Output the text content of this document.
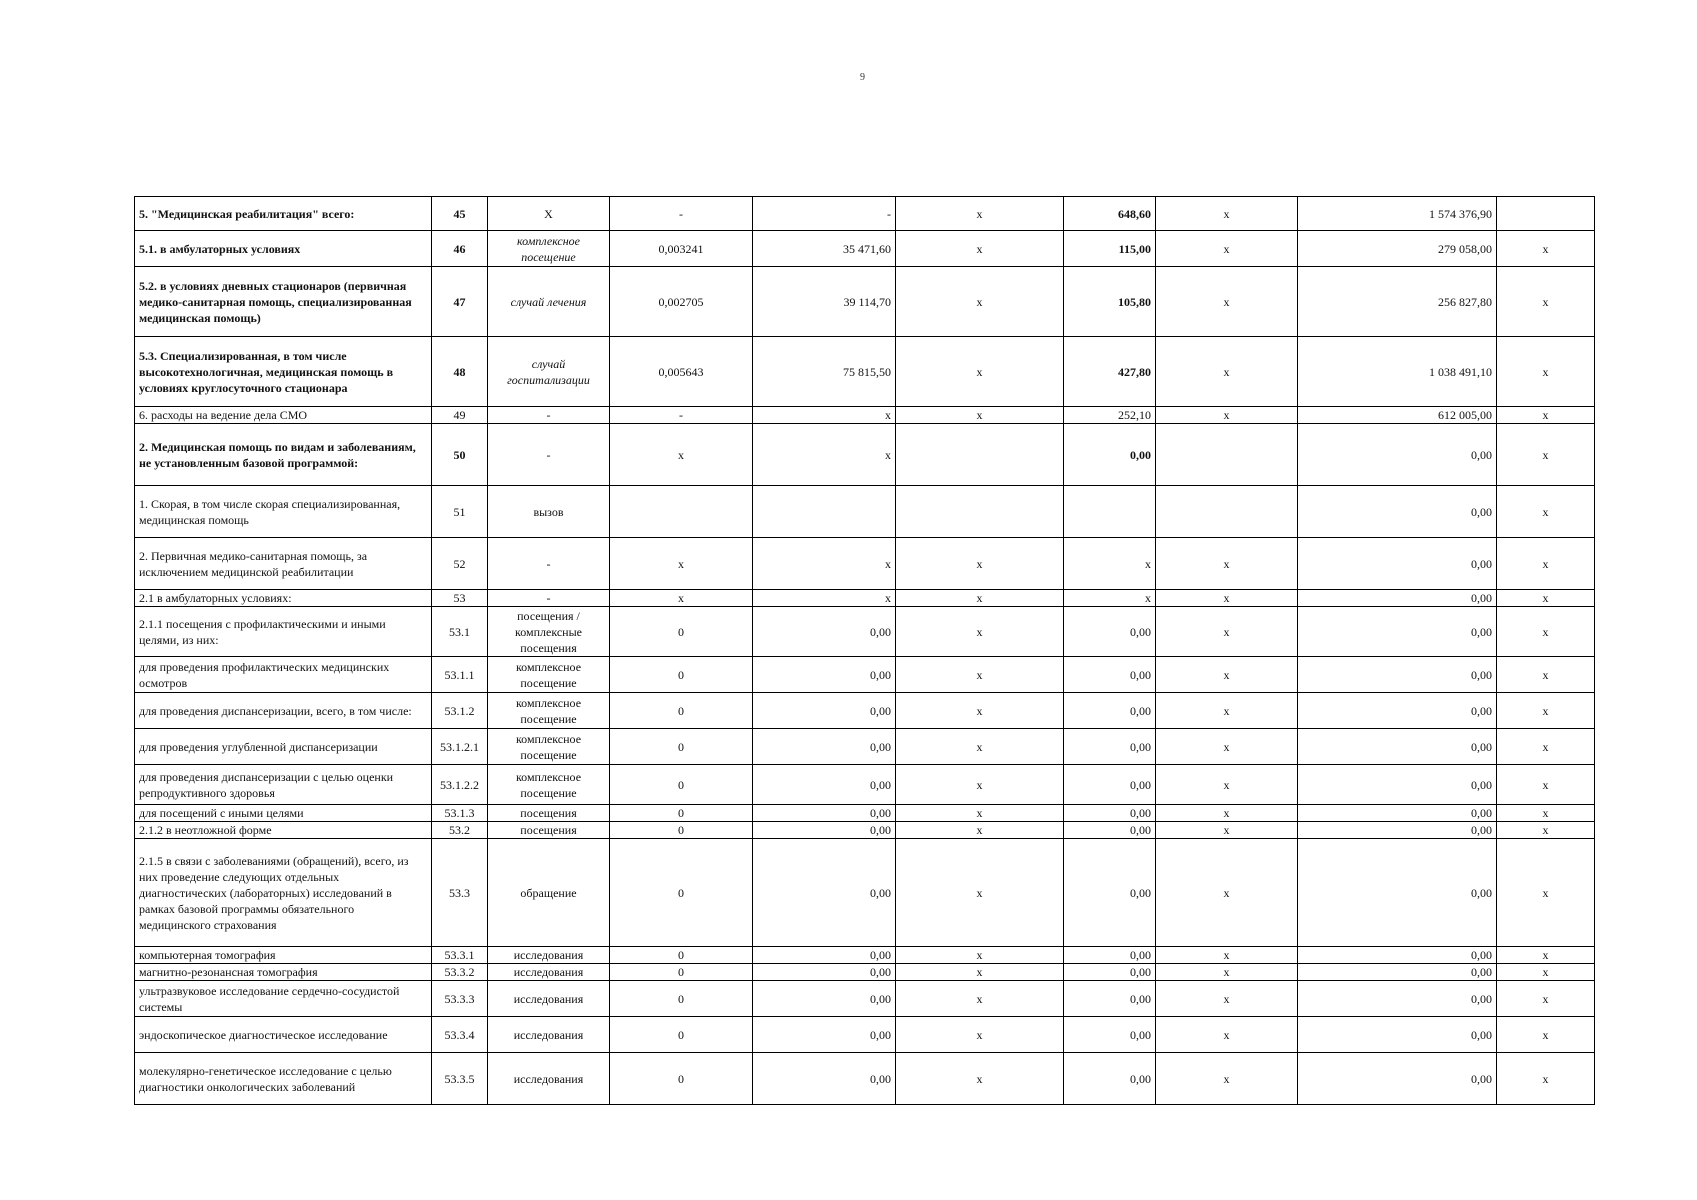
9
5. "Медицинская реабилитация" всего:	45	X	-	-	x	648,60	x	1 574 376,90	
5.1. в амбулаторных условиях	46	комплексное посещение	0,003241	35 471,60	x	115,00	x	279 058,00	x
5.2. в условиях дневных стационаров (первичная медико-санитарная помощь, специализированная медицинская помощь)	47	случай лечения	0,002705	39 114,70	x	105,80	x	256 827,80	x
5.3. Специализированная, в том числе высокотехнологичная, медицинская помощь в условиях круглосуточного стационара	48	случай госпитализации	0,005643	75 815,50	x	427,80	x	1 038 491,10	x
6. расходы на ведение дела СМО	49	-	-	x	x	252,10	x	612 005,00	x
2. Медицинская помощь по видам и заболеваниям, не установленным базовой программой:	50	-	x	x		0,00		0,00	x
1. Скорая, в том числе скорая специализированная, медицинская помощь	51	вызов						0,00	x
2. Первичная медико-санитарная помощь, за исключением медицинской реабилитации	52	-	x	x	x	x	x	0,00	x
2.1 в амбулаторных условиях:	53	-	x	x	x	x	x	0,00	x
2.1.1 посещения с профилактическими и иными целями, из них:	53.1	посещения / комплексные посещения	0	0,00	x	0,00	x	0,00	x
для проведения профилактических медицинских осмотров	53.1.1	комплексное посещение	0	0,00	x	0,00	x	0,00	x
для проведения диспансеризации, всего, в том числе:	53.1.2	комплексное посещение	0	0,00	x	0,00	x	0,00	x
для проведения углубленной диспансеризации	53.1.2.1	комплексное посещение	0	0,00	x	0,00	x	0,00	x
для проведения диспансеризации с целью оценки репродуктивного здоровья	53.1.2.2	комплексное посещение	0	0,00	x	0,00	x	0,00	x
для посещений с иными целями	53.1.3	посещения	0	0,00	x	0,00	x	0,00	x
2.1.2 в неотложной форме	53.2	посещения	0	0,00	x	0,00	x	0,00	x
2.1.5 в связи с заболеваниями (обращений), всего, из них проведение следующих отдельных диагностических (лабораторных) исследований в рамках базовой программы обязательного медицинского страхования	53.3	обращение	0	0,00	x	0,00	x	0,00	x
компьютерная томография	53.3.1	исследования	0	0,00	x	0,00	x	0,00	x
магнитно-резонансная томография	53.3.2	исследования	0	0,00	x	0,00	x	0,00	x
ультразвуковое исследование сердечно-сосудистой системы	53.3.3	исследования	0	0,00	x	0,00	x	0,00	x
эндоскопическое диагностическое исследование	53.3.4	исследования	0	0,00	x	0,00	x	0,00	x
молекулярно-генетическое исследование с целью диагностики онкологических заболеваний	53.3.5	исследования	0	0,00	x	0,00	x	0,00	x
